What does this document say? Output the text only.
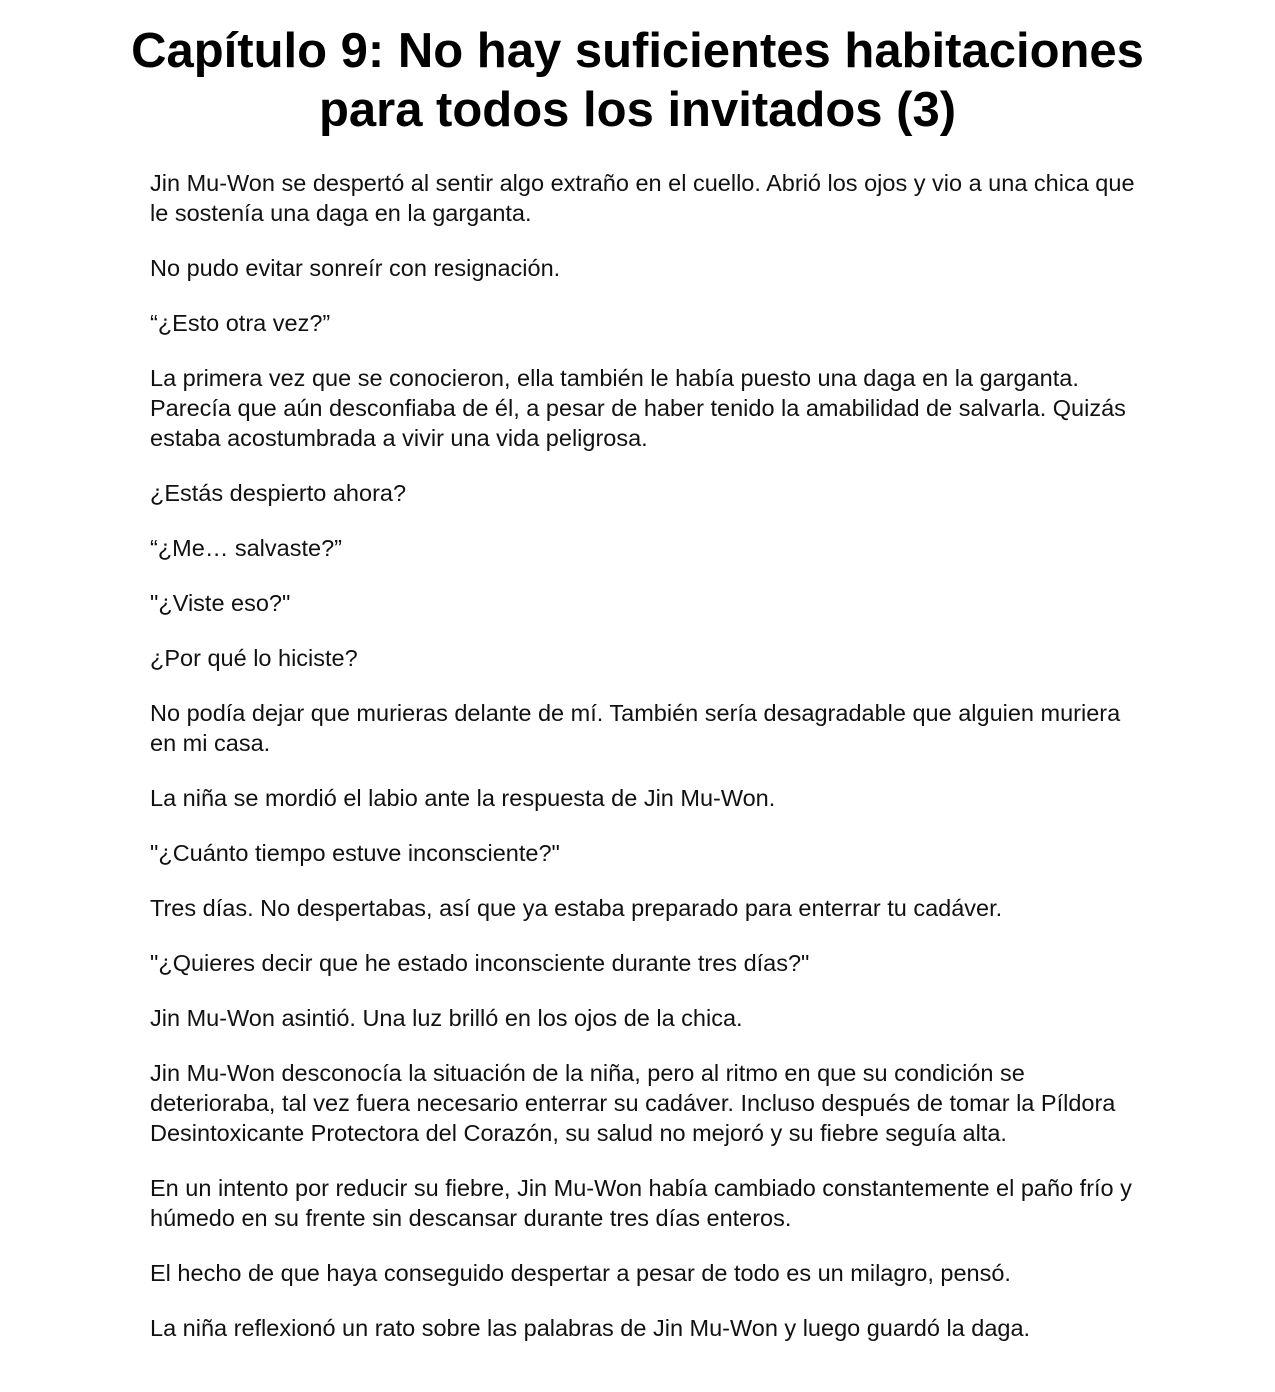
Capítulo 9: No hay suficientes habitaciones para todos los invitados (3)

Jin Mu-Won se despertó al sentir algo extraño en el cuello. Abrió los ojos y vio a una chica que le sostenía una daga en la garganta.

No pudo evitar sonreír con resignación.

“¿Esto otra vez?”

La primera vez que se conocieron, ella también le había puesto una daga en la garganta. Parecía que aún desconfiaba de él, a pesar de haber tenido la amabilidad de salvarla. Quizás estaba acostumbrada a vivir una vida peligrosa.

¿Estás despierto ahora?

“¿Me… salvaste?”

"¿Viste eso?"

¿Por qué lo hiciste?

No podía dejar que murieras delante de mí. También sería desagradable que alguien muriera en mi casa.

La niña se mordió el labio ante la respuesta de Jin Mu-Won.

"¿Cuánto tiempo estuve inconsciente?"

Tres días. No despertabas, así que ya estaba preparado para enterrar tu cadáver.

"¿Quieres decir que he estado inconsciente durante tres días?"

Jin Mu-Won asintió. Una luz brilló en los ojos de la chica.

Jin Mu-Won desconocía la situación de la niña, pero al ritmo en que su condición se deterioraba, tal vez fuera necesario enterrar su cadáver. Incluso después de tomar la Píldora Desintoxicante Protectora del Corazón, su salud no mejoró y su fiebre seguía alta.

En un intento por reducir su fiebre, Jin Mu-Won había cambiado constantemente el paño frío y húmedo en su frente sin descansar durante tres días enteros.

El hecho de que haya conseguido despertar a pesar de todo es un milagro, pensó.

La niña reflexionó un rato sobre las palabras de Jin Mu-Won y luego guardó la daga.
